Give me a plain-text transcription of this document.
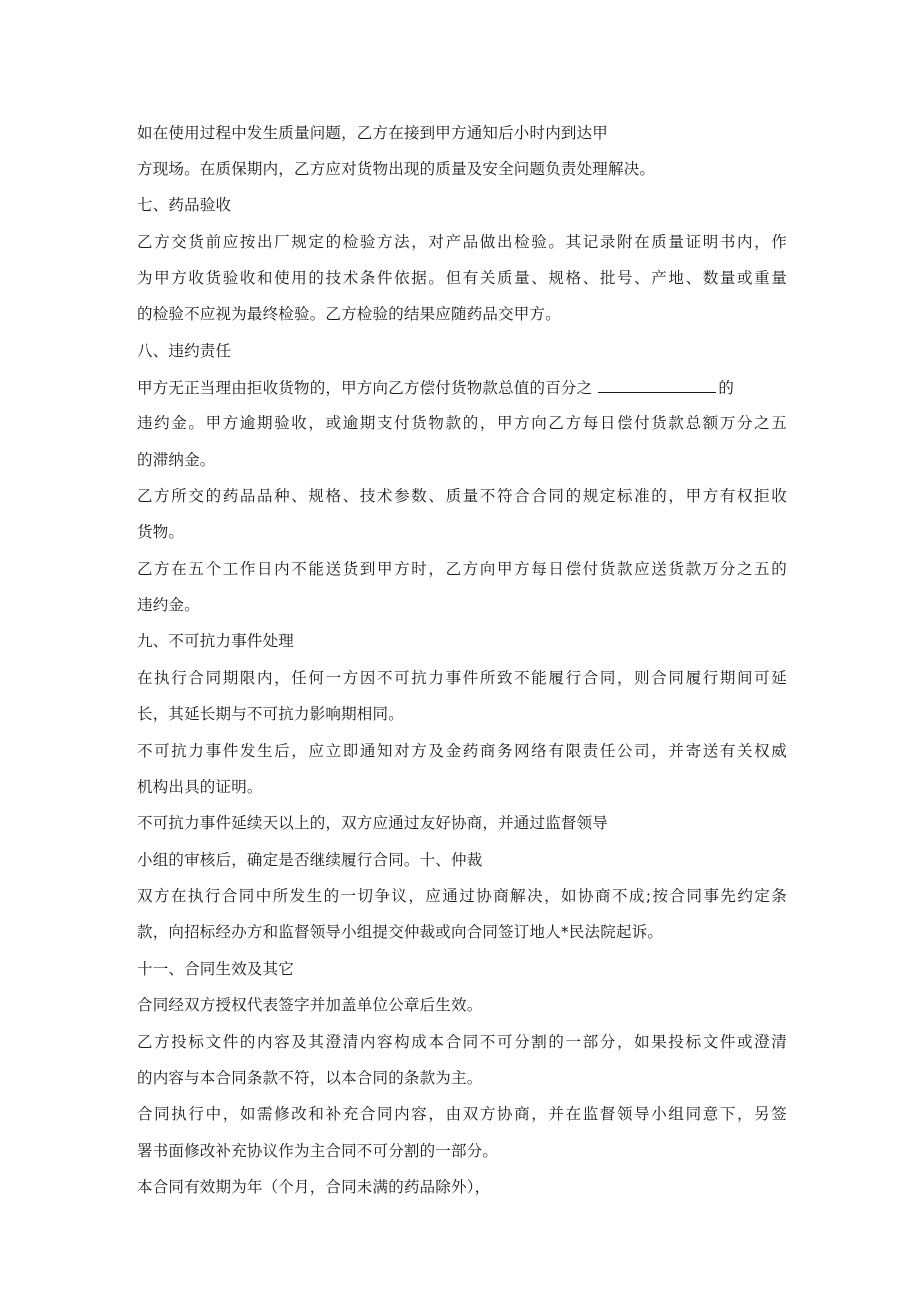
如在使用过程中发生质量问题，乙方在接到甲方通知后小时内到达甲
方现场。在质保期内，乙方应对货物出现的质量及安全问题负责处理解决。
七、药品验收
乙方交货前应按出厂规定的检验方法，对产品做出检验。其记录附在质量证明书内，作
为甲方收货验收和使用的技术条件依据。但有关质量、规格、批号、产地、数量或重量
的检验不应视为最终检验。乙方检验的结果应随药品交甲方。
八、违约责任
甲方无正当理由拒收货物的，甲方向乙方偿付货物款总值的百分之	的
违约金。甲方逾期验收，或逾期支付货物款的，甲方向乙方每日偿付货款总额万分之五
的滞纳金。
乙方所交的药品品种、规格、技术参数、质量不符合合同的规定标准的，甲方有权拒收
货物。
乙方在五个工作日内不能送货到甲方时，乙方向甲方每日偿付货款应送货款万分之五的
违约金。
九、不可抗力事件处理
在执行合同期限内，任何一方因不可抗力事件所致不能履行合同，则合同履行期间可延
长，其延长期与不可抗力影响期相同。
不可抗力事件发生后，应立即通知对方及金药商务网络有限责任公司，并寄送有关权威
机构出具的证明。
不可抗力事件延续天以上的，双方应通过友好协商，并通过监督领导
小组的审核后，确定是否继续履行合同。十、仲裁
双方在执行合同中所发生的一切争议，应通过协商解决，如协商不成;按合同事先约定条
款，向招标经办方和监督领导小组提交仲裁或向合同签订地人*民法院起诉。
十一、合同生效及其它
合同经双方授权代表签字并加盖单位公章后生效。
乙方投标文件的内容及其澄清内容构成本合同不可分割的一部分，如果投标文件或澄清
的内容与本合同条款不符，以本合同的条款为主。
合同执行中，如需修改和补充合同内容，由双方协商，并在监督领导小组同意下，另签
署书面修改补充协议作为主合同不可分割的一部分。
本合同有效期为年（个月，合同未满的药品除外），
